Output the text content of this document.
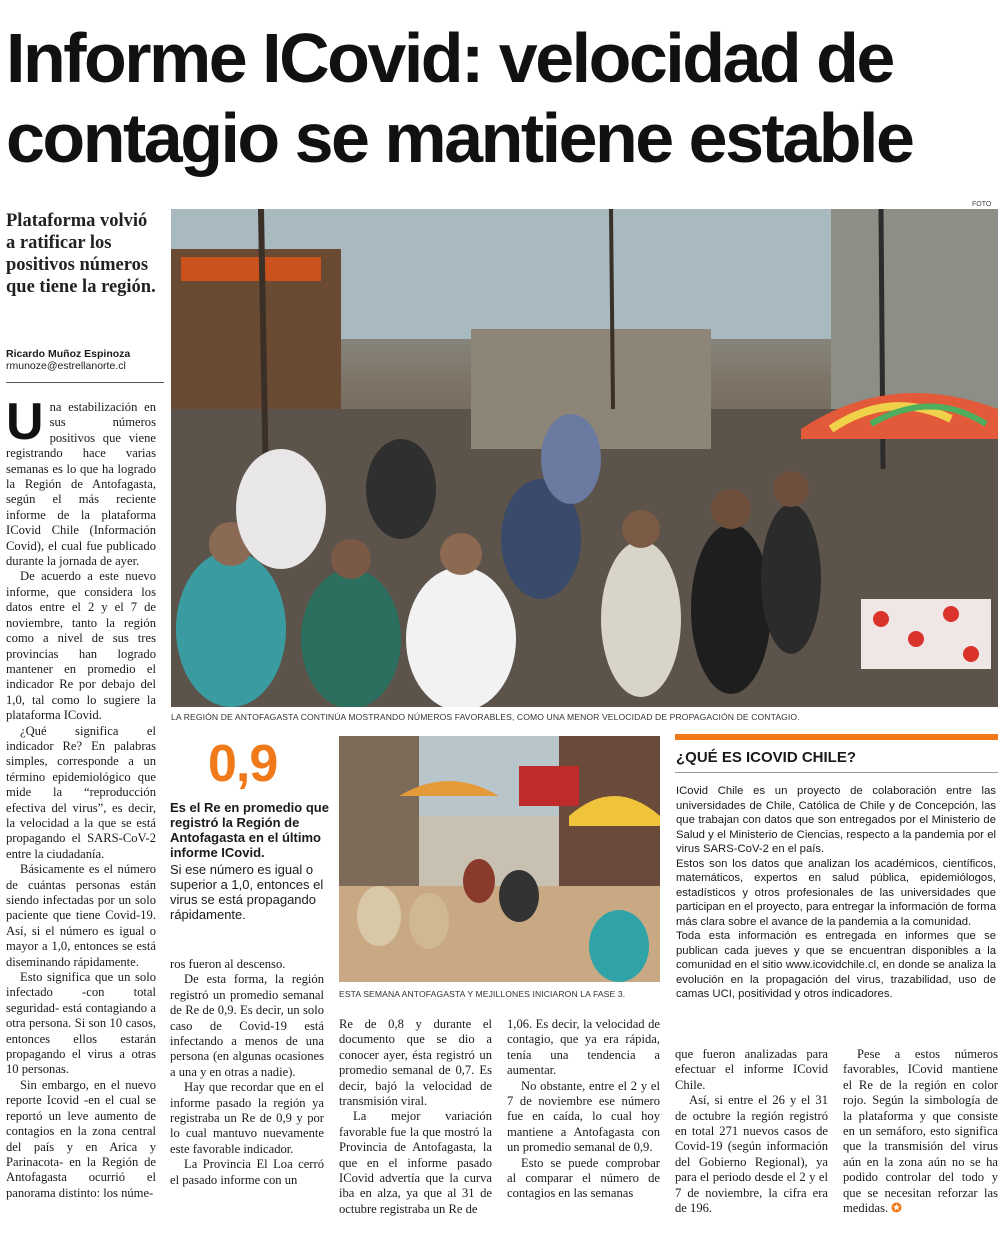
Informe ICovid: velocidad de contagio se mantiene estable
FOTO
Plataforma volvió a ratificar los positivos números que tiene la región.
Ricardo Muñoz Espinoza
rmunoze@estrellanorte.cl

Una estabilización en sus números positivos que viene registrando hace varias semanas es lo que ha logrado la Región de Antofagasta, según el más reciente informe de la plataforma ICovid Chile (Información Covid), el cual fue publicado durante la jornada de ayer.

De acuerdo a este nuevo informe, que considera los datos entre el 2 y el 7 de noviembre, tanto la región como a nivel de sus tres provincias han logrado mantener en promedio el indicador Re por debajo del 1,0, tal como lo sugiere la plataforma ICovid.

¿Qué significa el indicador Re? En palabras simples, corresponde a un término epidemiológico que mide la “reproducción efectiva del virus”, es decir, la velocidad a la que se está propagando el SARS-CoV-2 entre la ciudadanía.

Básicamente es el número de cuántas personas están siendo infectadas por un solo paciente que tiene Covid-19. Así, si el número es igual o mayor a 1,0, entonces se está diseminando rápidamente.

Esto significa que un solo infectado -con total seguridad- está contagiando a otra persona. Si son 10 casos, entonces ellos estarán propagando el virus a otras 10 personas.

Sin embargo, en el nuevo reporte Icovid -en el cual se reportó un leve aumento de contagios en la zona central del país y en Arica y Parinacota- en la Región de Antofagasta ocurrió el panorama distinto: los núme-

LA REGIÓN DE ANTOFAGASTA CONTINÚA MOSTRANDO NÚMEROS FAVORABLES, COMO UNA MENOR VELOCIDAD DE PROPAGACIÓN DE CONTAGIO.
0,9
Es el Re en promedio que registró la Región de Antofagasta en el último informe ICovid.
Si ese número es igual o superior a 1,0, entonces el virus se está propagando rápidamente.

ros fueron al descenso.

De esta forma, la región registró un promedio semanal de Re de 0,9. Es decir, un solo caso de Covid-19 está infectando a menos de una persona (en algunas ocasiones a una y en otras a nadie).

Hay que recordar que en el informe pasado la región ya registraba un Re de 0,9 y por lo cual mantuvo nuevamente este favorable indicador.

La Provincia El Loa cerró el pasado informe con un

ESTA SEMANA ANTOFAGASTA Y MEJILLONES INICIARON LA FASE 3.

Re de 0,8 y durante el documento que se dio a conocer ayer, ésta registró un promedio semanal de 0,7. Es decir, bajó la velocidad de transmisión viral.

La mejor variación favorable fue la que mostró la Provincia de Antofagasta, la que en el informe pasado ICovid advertía que la curva iba en alza, ya que al 31 de octubre registraba un Re de

1,06. Es decir, la velocidad de contagio, que ya era rápida, tenía una tendencia a aumentar.

No obstante, entre el 2 y el 7 de noviembre ese número fue en caída, lo cual hoy mantiene a Antofagasta con un promedio semanal de 0,9.

Esto se puede comprobar al comparar el número de contagios en las semanas

¿QUÉ ES ICOVID CHILE?

ICovid Chile es un proyecto de colaboración entre las universidades de Chile, Católica de Chile y de Concepción, las que trabajan con datos que son entregados por el Ministerio de Salud y el Ministerio de Ciencias, respecto a la pandemia por el virus SARS-CoV-2 en el país.

Estos son los datos que analizan los académicos, científicos, matemáticos, expertos en salud pública, epidemiólogos, estadísticos y otros profesionales de las universidades que participan en el proyecto, para entregar la información de forma más clara sobre el avance de la pandemia a la comunidad.

Toda esta información es entregada en informes que se publican cada jueves y que se encuentran disponibles a la comunidad en el sitio www.icovidchile.cl, en donde se analiza la evolución en la propagación del virus, trazabilidad, uso de camas UCI, positividad y otros indicadores.

que fueron analizadas para efectuar el informe ICovid Chile.

Así, si entre el 26 y el 31 de octubre la región registró en total 271 nuevos casos de Covid-19 (según información del Gobierno Regional), ya para el periodo desde el 2 y el 7 de noviembre, la cifra era de 196.

Pese a estos números favorables, ICovid mantiene el Re de la región en color rojo. Según la simbología de la plataforma y que consiste en un semáforo, esto significa que la transmisión del virus aún en la zona aún no se ha podido controlar del todo y que se necesitan reforzar las medidas. ✪
